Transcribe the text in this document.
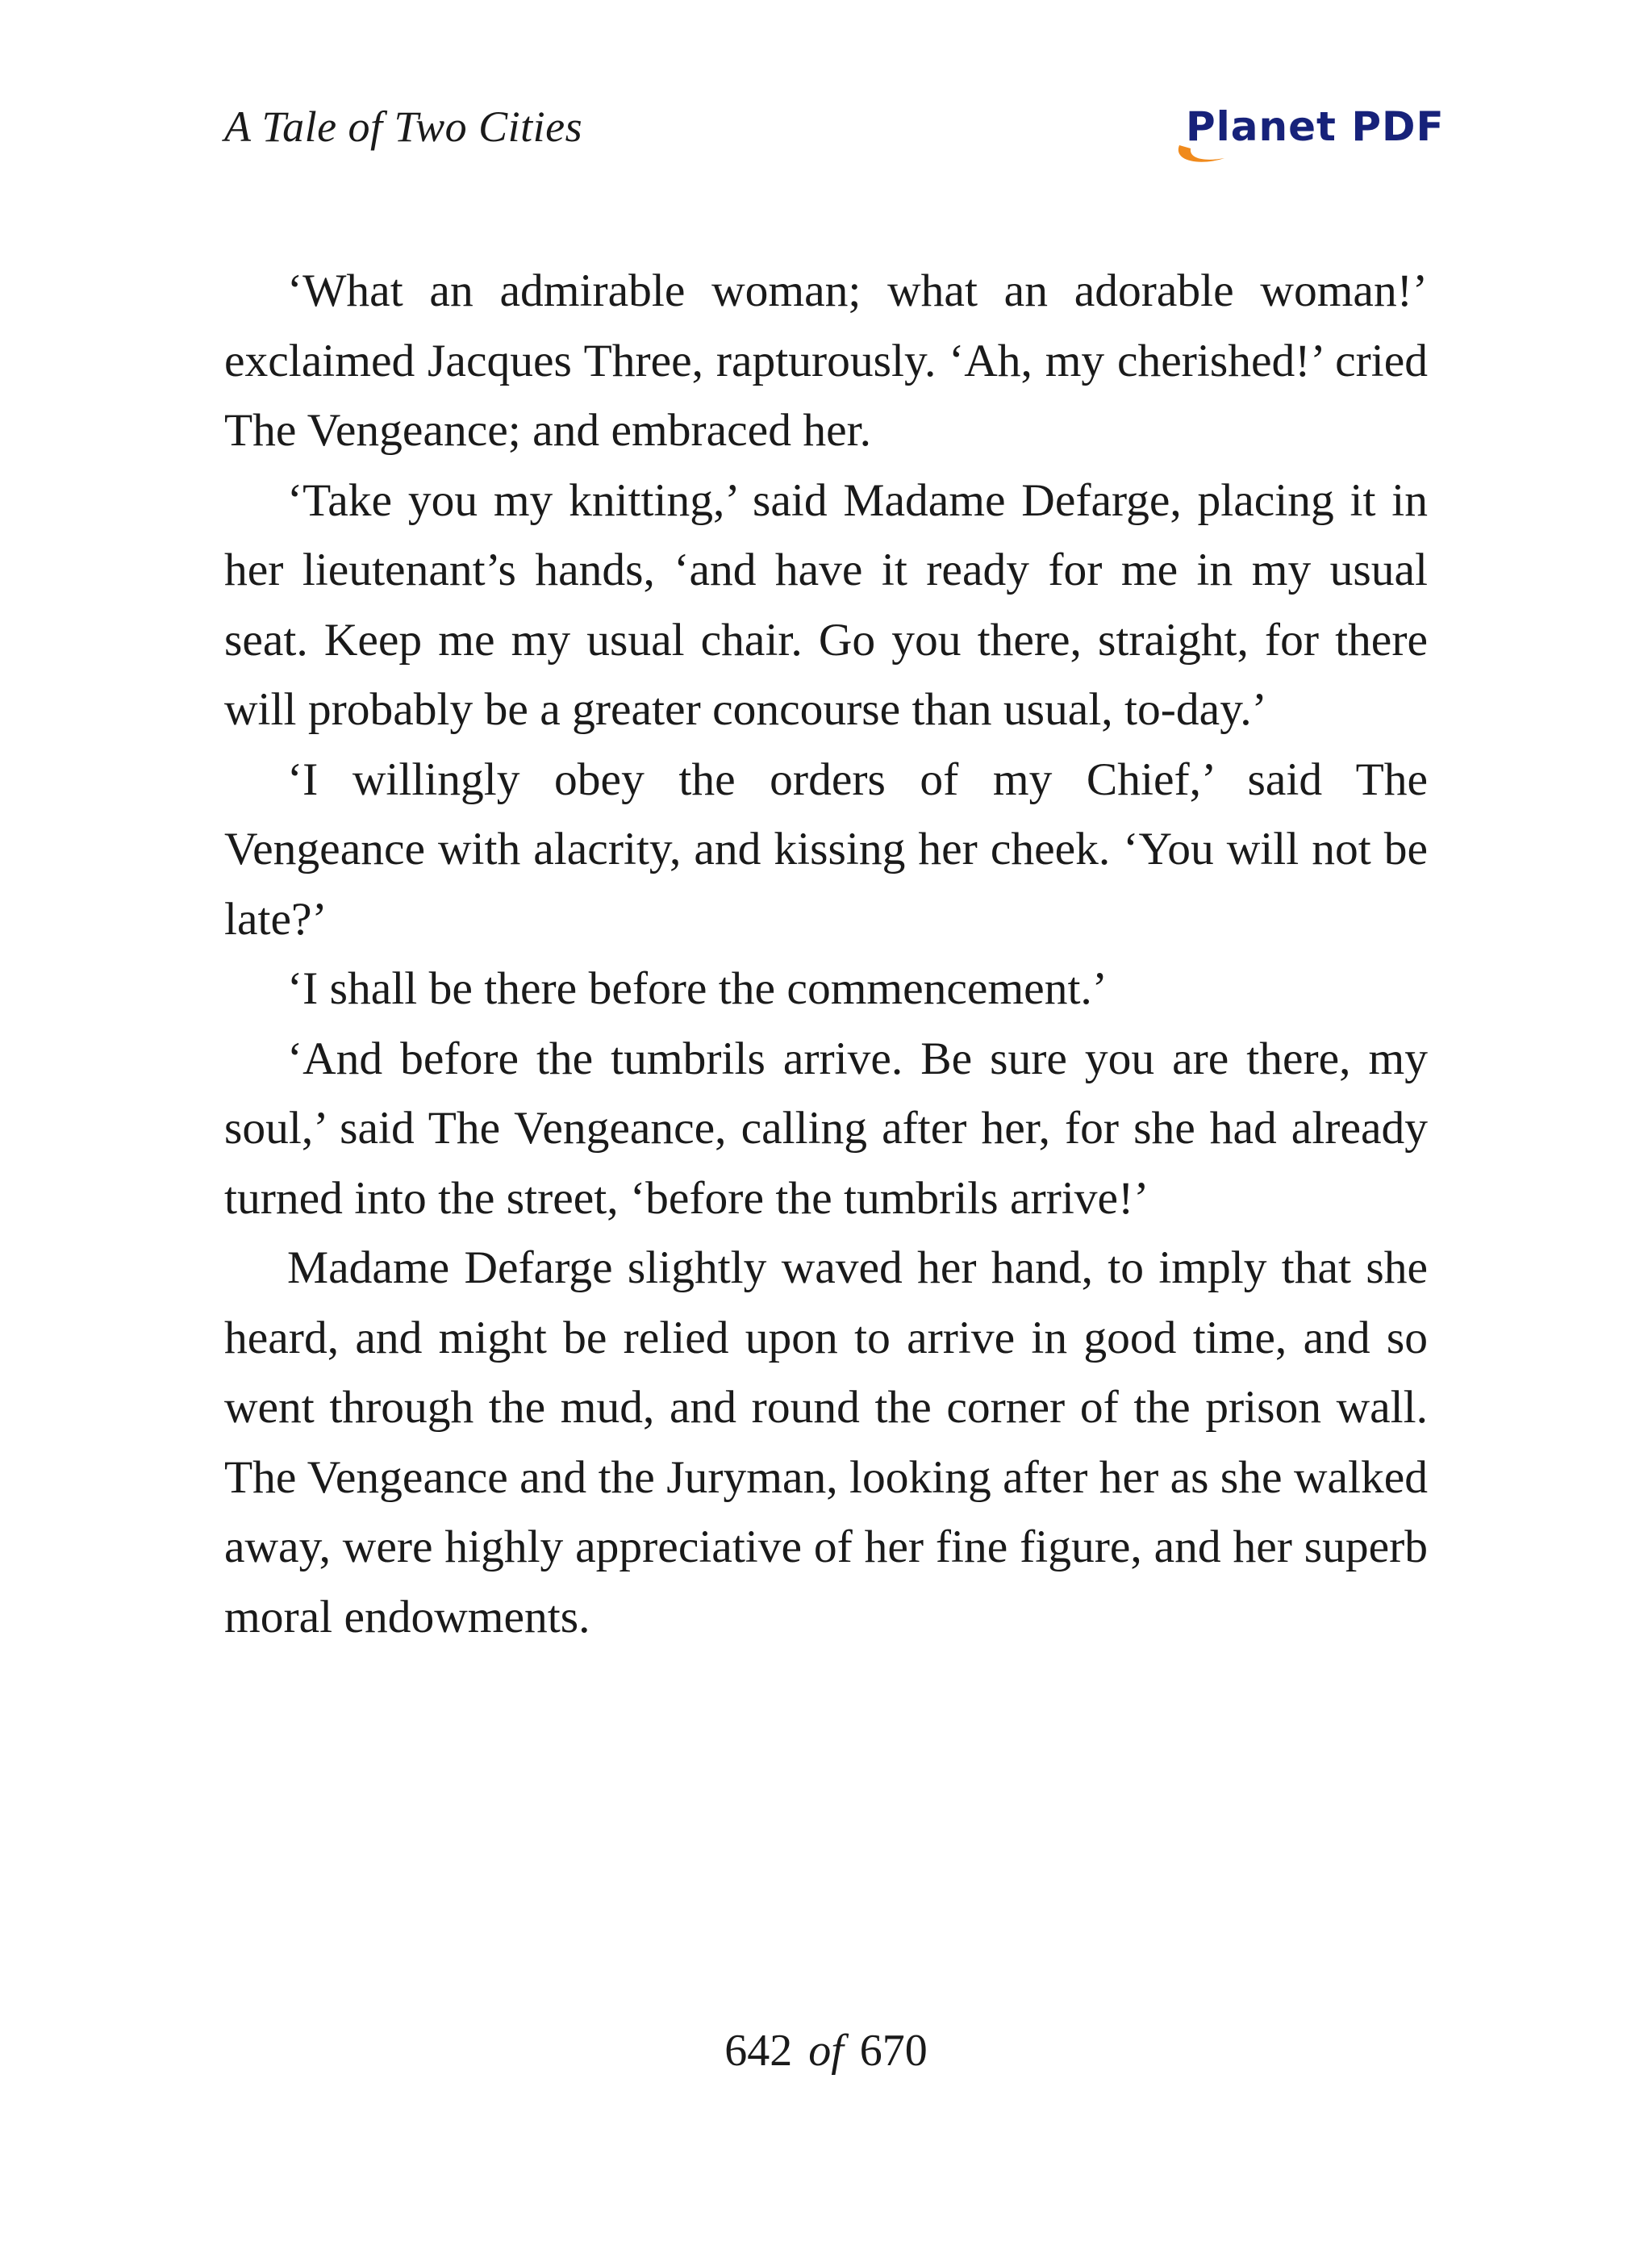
A Tale of Two Cities	Planet PDF

‘What an admirable woman; what an adorable woman!’ exclaimed Jacques Three, rapturously. ‘Ah, my cherished!’ cried The Vengeance; and embraced her.

‘Take you my knitting,’ said Madame Defarge, placing it in her lieutenant’s hands, ‘and have it ready for me in my usual seat. Keep me my usual chair. Go you there, straight, for there will probably be a greater concourse than usual, to-day.’

‘I willingly obey the orders of my Chief,’ said The Vengeance with alacrity, and kissing her cheek. ‘You will not be late?’

‘I shall be there before the commencement.’

‘And before the tumbrils arrive. Be sure you are there, my soul,’ said The Vengeance, calling after her, for she had already turned into the street, ‘before the tumbrils arrive!’

Madame Defarge slightly waved her hand, to imply that she heard, and might be relied upon to arrive in good time, and so went through the mud, and round the corner of the prison wall. The Vengeance and the Juryman, looking after her as she walked away, were highly appreciative of her fine figure, and her superb moral endowments.

642 of 670
